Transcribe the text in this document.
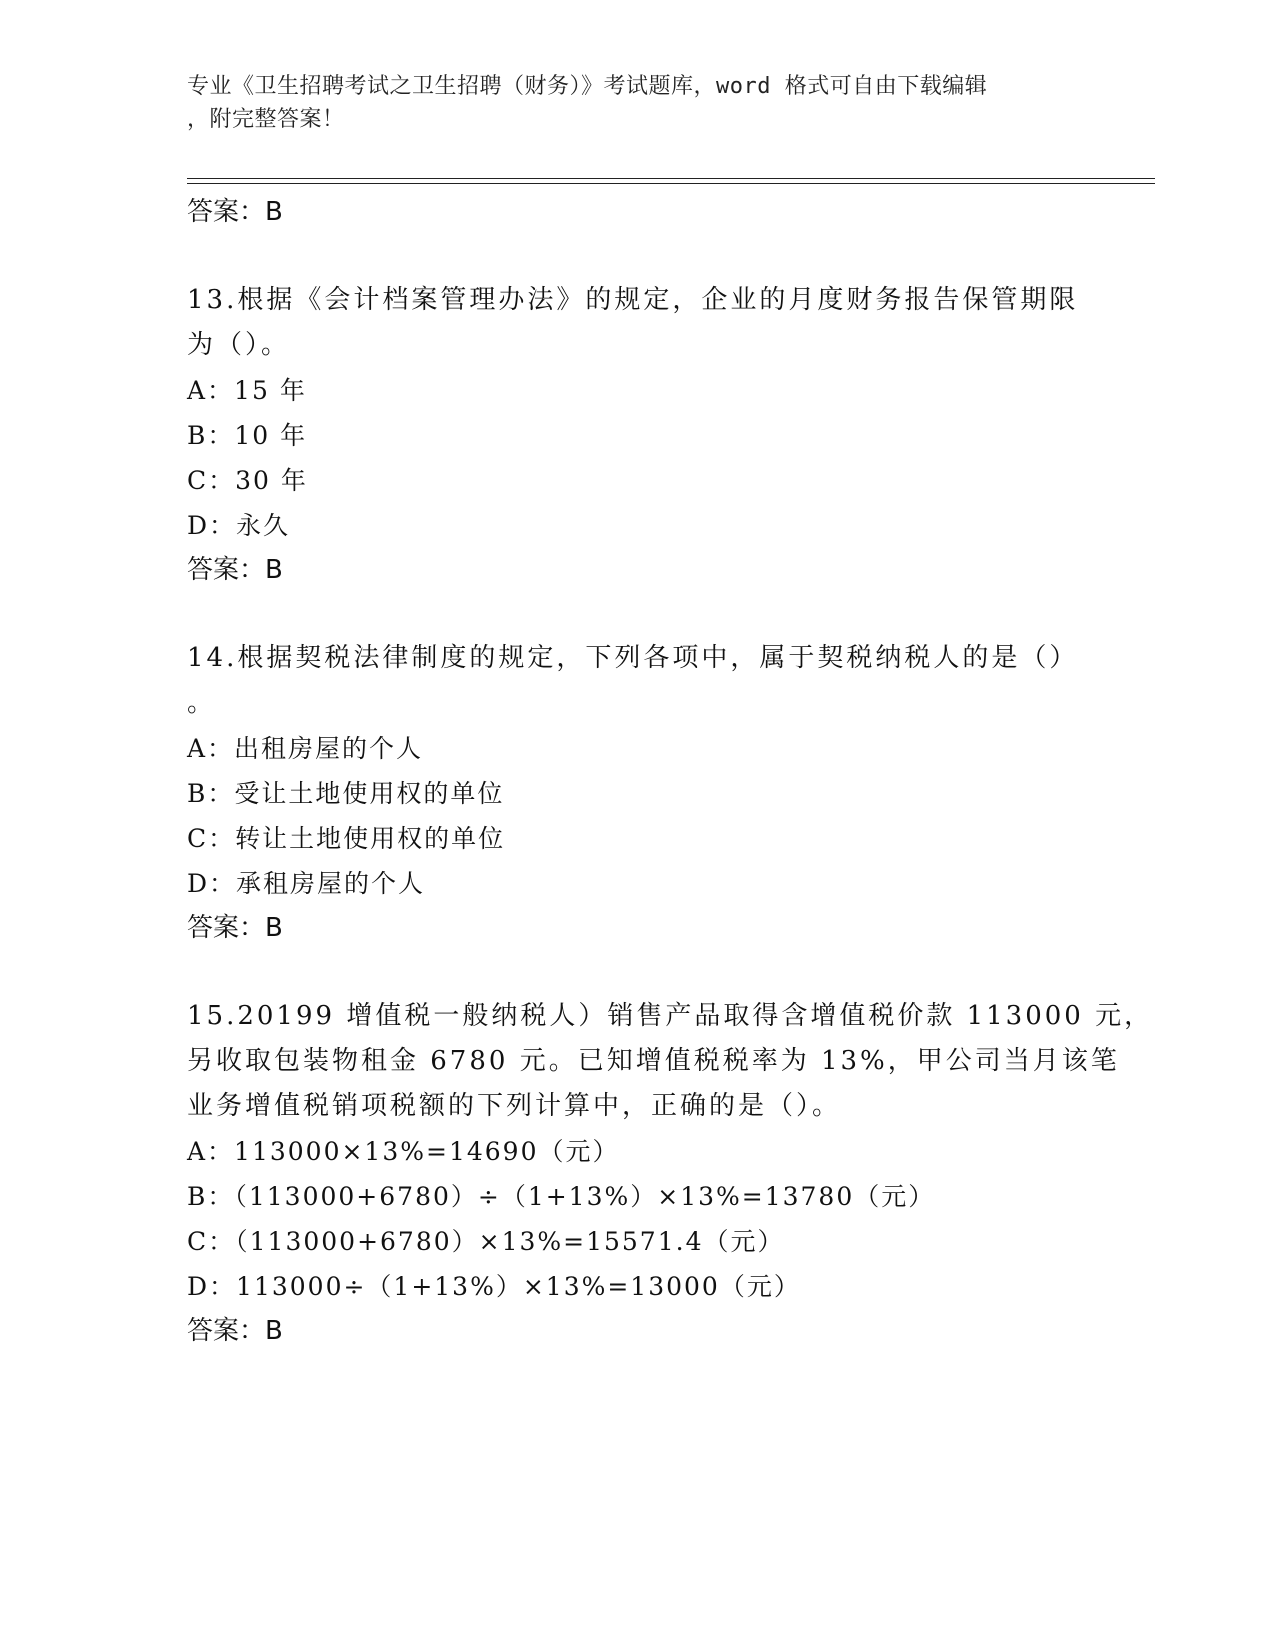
专业《卫生招聘考试之卫生招聘（财务）》考试题库，word 格式可自由下载编辑
，附完整答案！
答案：B
13.根据《会计档案管理办法》的规定，企业的月度财务报告保管期限
为（）。
A：15 年
B：10 年
C：30 年
D：永久
答案：B
14.根据契税法律制度的规定，下列各项中，属于契税纳税人的是（）
。
A：出租房屋的个人
B：受让土地使用权的单位
C：转让土地使用权的单位
D：承租房屋的个人
答案：B
15.20199 增值税一般纳税人）销售产品取得含增值税价款 113000 元，
另收取包装物租金 6780 元。已知增值税税率为 13%，甲公司当月该笔
业务增值税销项税额的下列计算中，正确的是（）。
A：113000×13%=14690（元）
B：（113000+6780）÷（1+13%）×13%=13780（元）
C：（113000+6780）×13%=15571.4（元）
D：113000÷（1+13%）×13%=13000（元）
答案：B
